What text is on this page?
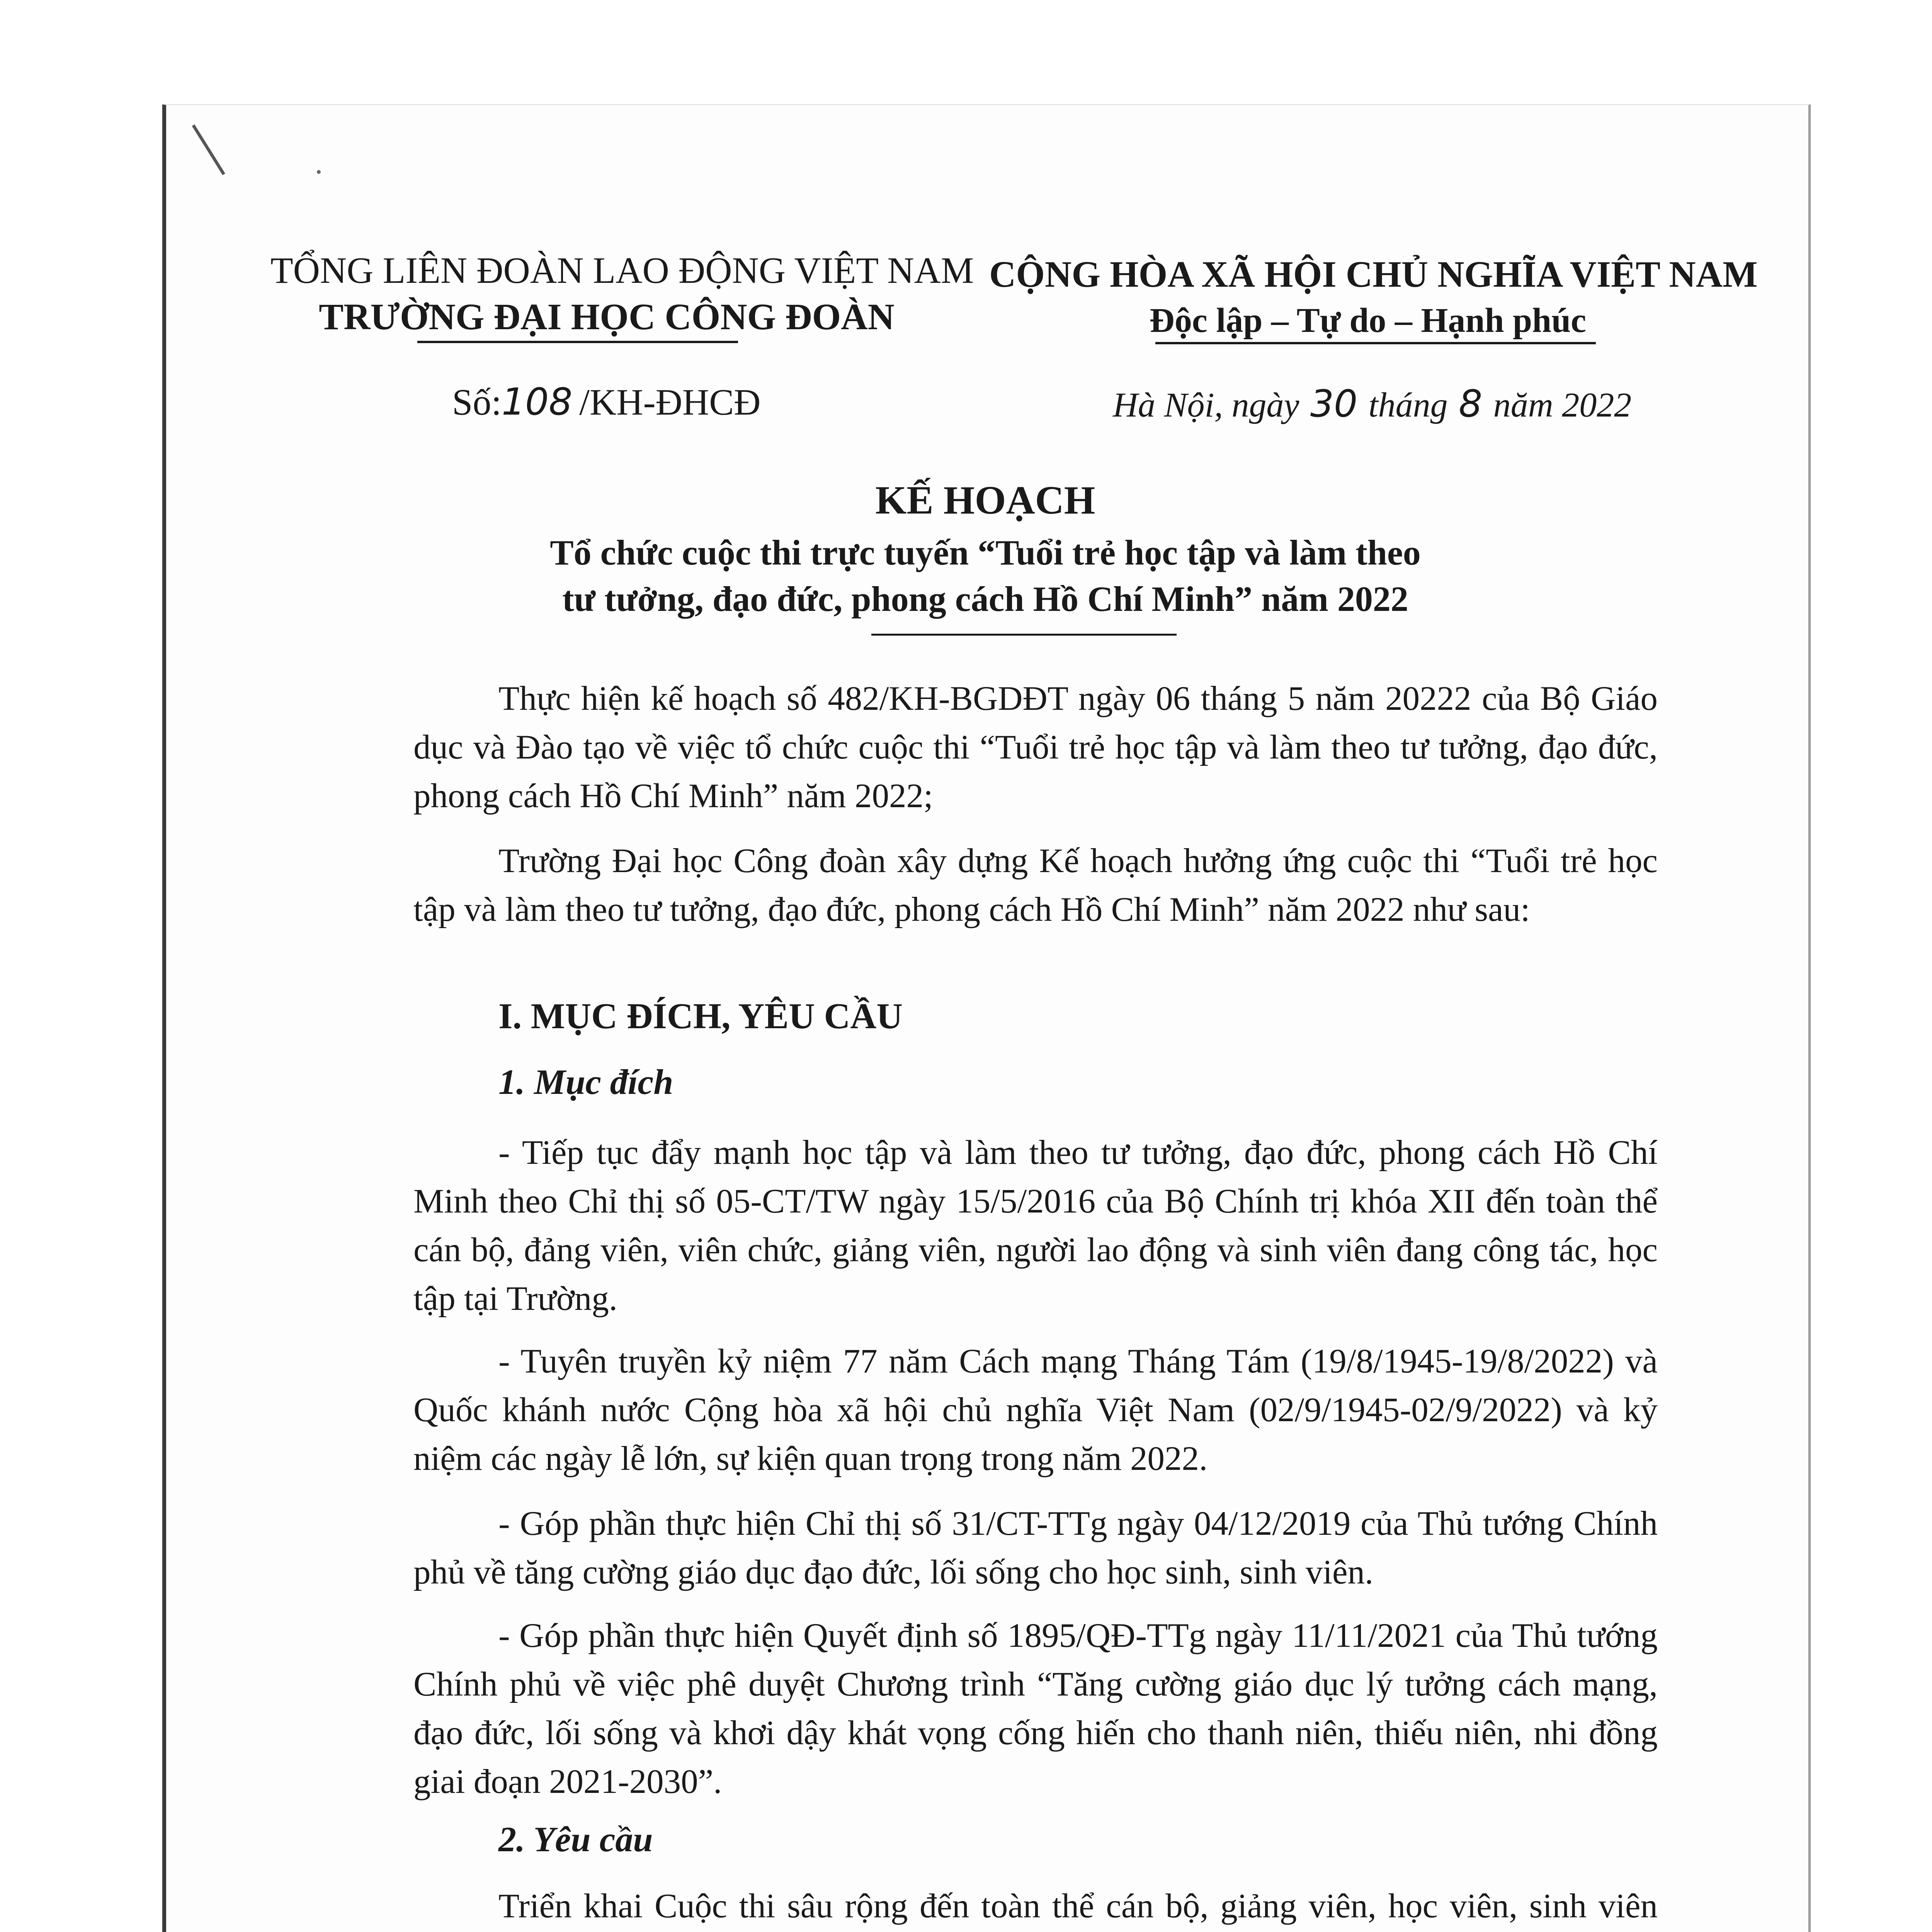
TỔNG LIÊN ĐOÀN LAO ĐỘNG VIỆT NAM
TRƯỜNG ĐẠI HỌC CÔNG ĐOÀN
CỘNG HÒA XÃ HỘI CHỦ NGHĨA VIỆT NAM
Độc lập – Tự do – Hạnh phúc
Số:108 /KH-ĐHCĐ	Hà Nội, ngày 30 tháng 8 năm 2022
KẾ HOẠCH
Tổ chức cuộc thi trực tuyến “Tuổi trẻ học tập và làm theo
tư tưởng, đạo đức, phong cách Hồ Chí Minh” năm 2022

Thực hiện kế hoạch số 482/KH-BGDĐT ngày 06 tháng 5 năm 20222 của Bộ Giáo dục và Đào tạo về việc tổ chức cuộc thi “Tuổi trẻ học tập và làm theo tư tưởng, đạo đức, phong cách Hồ Chí Minh” năm 2022;

Trường Đại học Công đoàn xây dựng Kế hoạch hưởng ứng cuộc thi “Tuổi trẻ học tập và làm theo tư tưởng, đạo đức, phong cách Hồ Chí Minh” năm 2022 như sau:

I. MỤC ĐÍCH, YÊU CẦU
1. Mục đích

- Tiếp tục đẩy mạnh học tập và làm theo tư tưởng, đạo đức, phong cách Hồ Chí Minh theo Chỉ thị số 05-CT/TW ngày 15/5/2016 của Bộ Chính trị khóa XII đến toàn thể cán bộ, đảng viên, viên chức, giảng viên, người lao động và sinh viên đang công tác, học tập tại Trường.

- Tuyên truyền kỷ niệm 77 năm Cách mạng Tháng Tám (19/8/1945-19/8/2022) và Quốc khánh nước Cộng hòa xã hội chủ nghĩa Việt Nam (02/9/1945-02/9/2022) và kỷ niệm các ngày lễ lớn, sự kiện quan trọng trong năm 2022.

- Góp phần thực hiện Chỉ thị số 31/CT-TTg ngày 04/12/2019 của Thủ tướng Chính phủ về tăng cường giáo dục đạo đức, lối sống cho học sinh, sinh viên.

- Góp phần thực hiện Quyết định số 1895/QĐ-TTg ngày 11/11/2021 của Thủ tướng Chính phủ về việc phê duyệt Chương trình “Tăng cường giáo dục lý tưởng cách mạng, đạo đức, lối sống và khơi dậy khát vọng cống hiến cho thanh niên, thiếu niên, nhi đồng giai đoạn 2021-2030”.

2. Yêu cầu

Triển khai Cuộc thi sâu rộng đến toàn thể cán bộ, giảng viên, học viên, sinh viên
